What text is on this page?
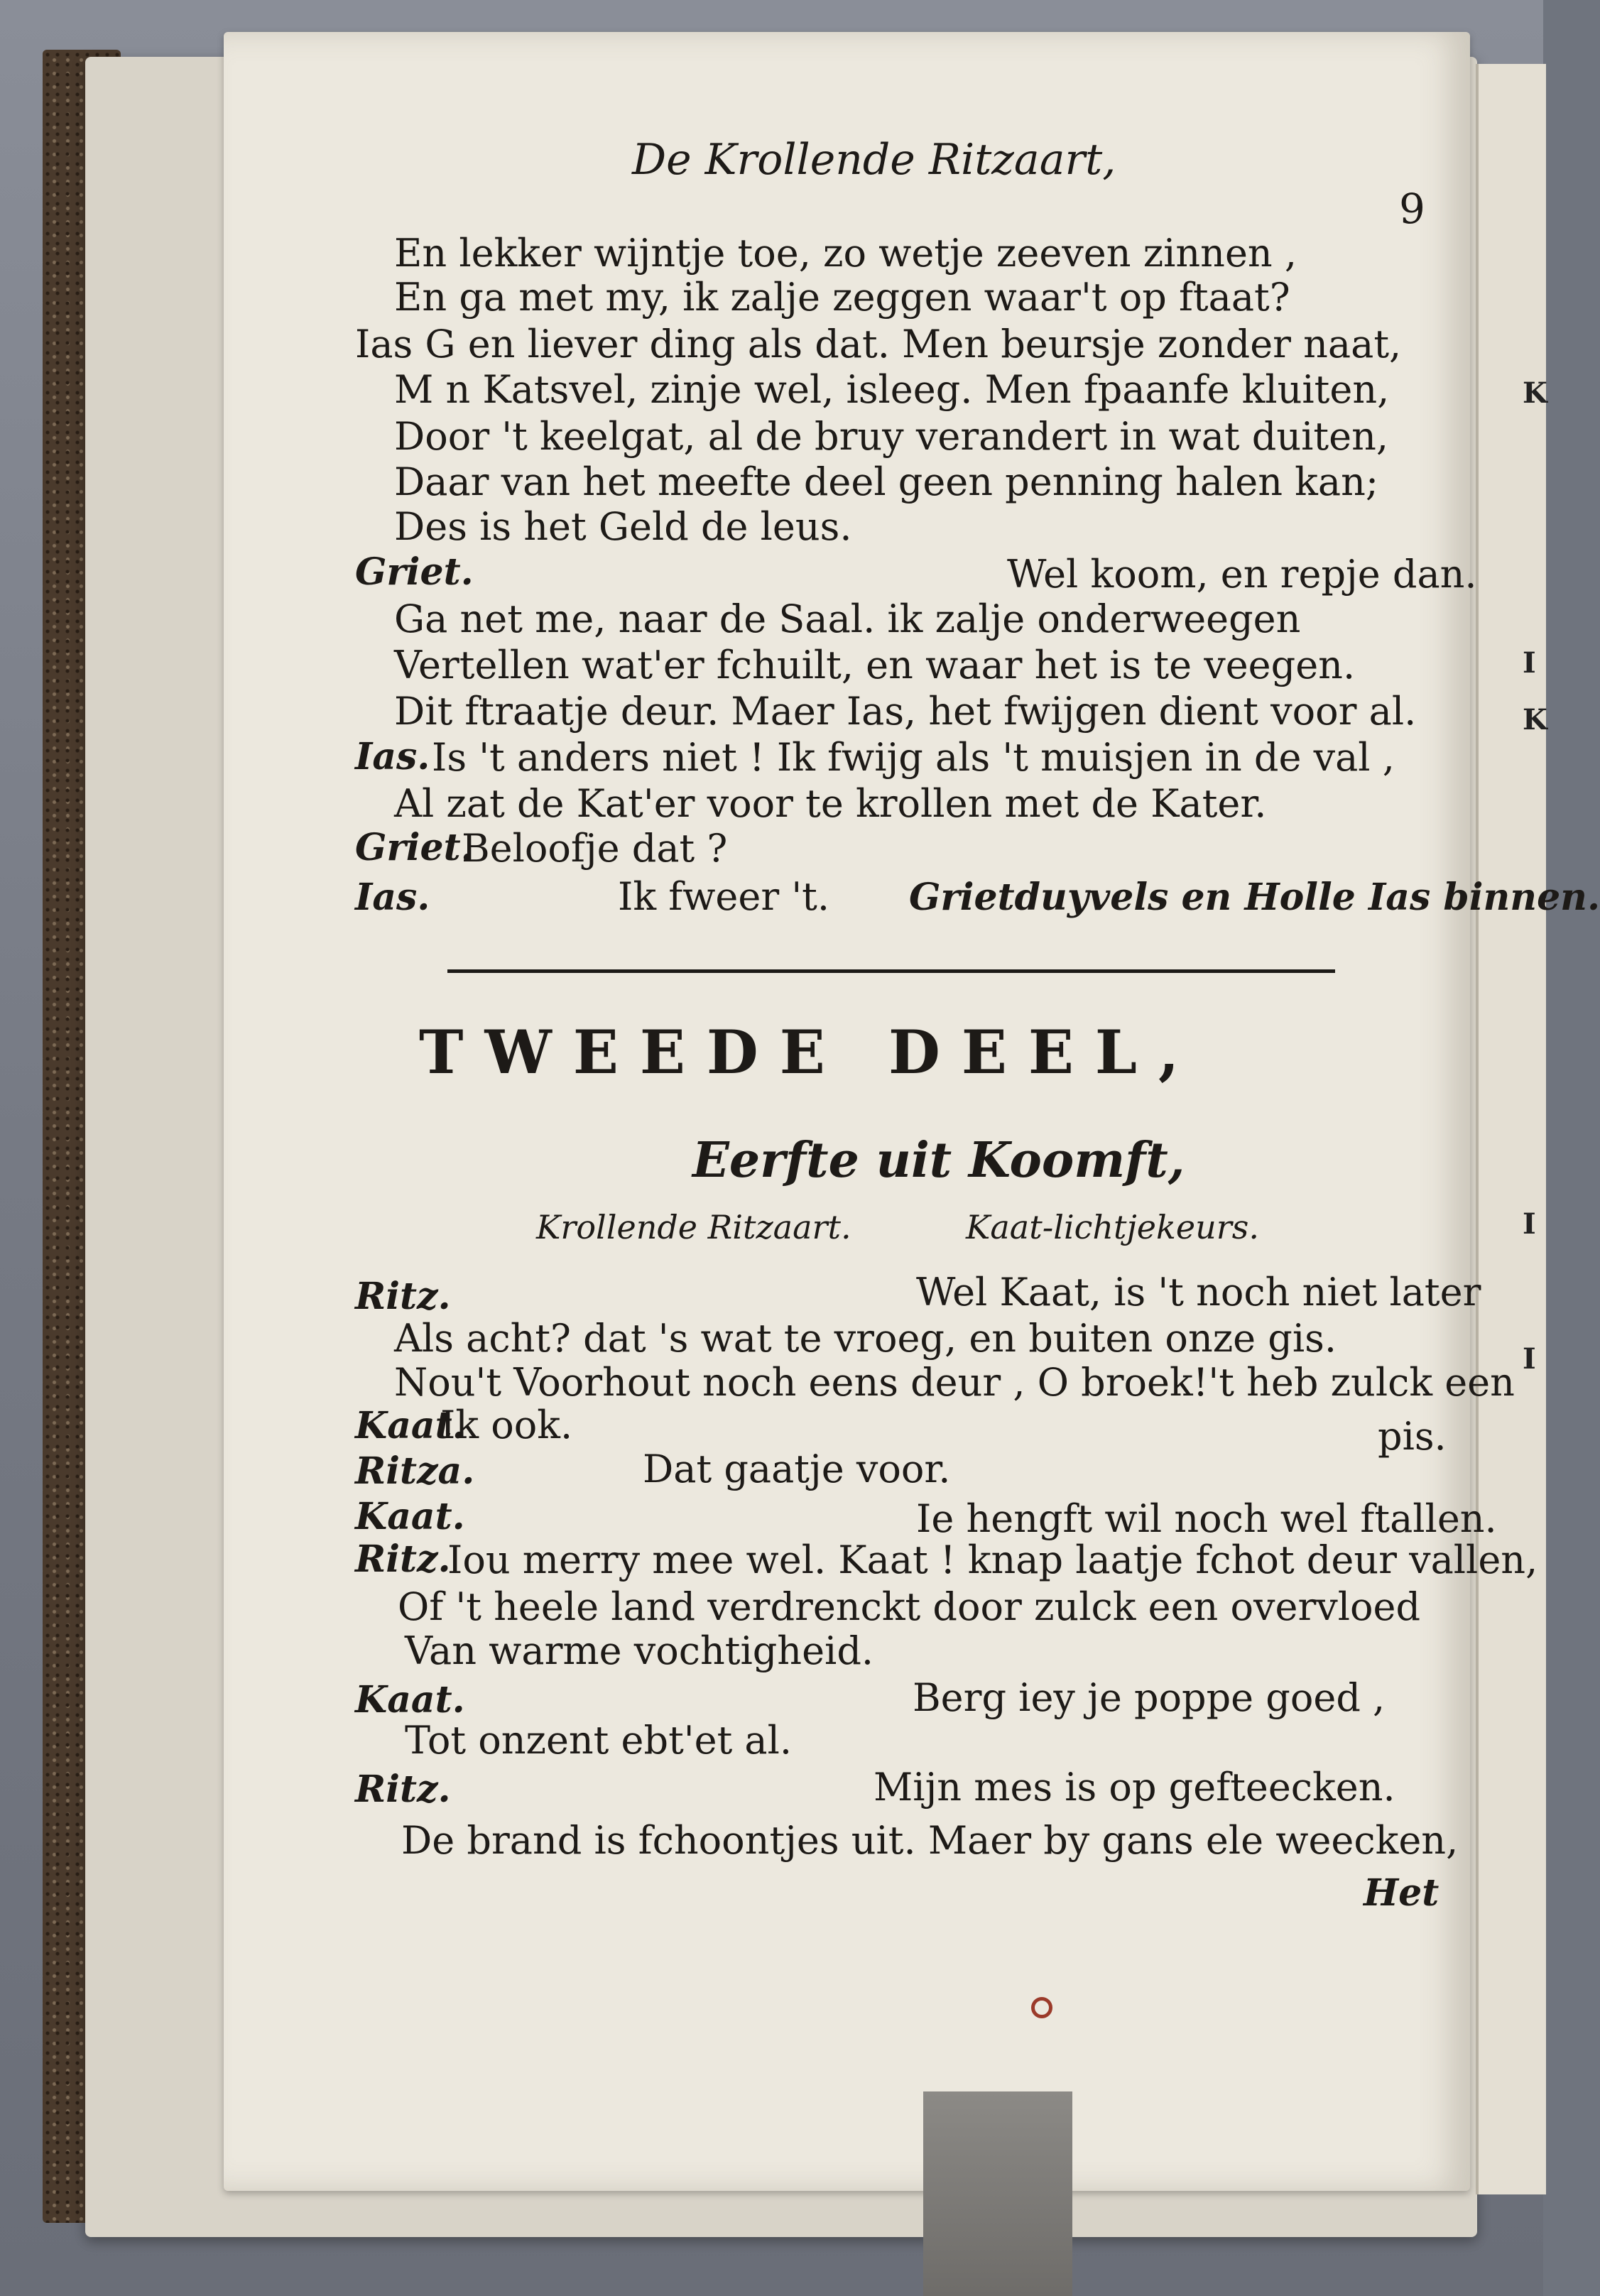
K
I
K
I
I
De Krollende Ritzaart,
9
En lekker wijntje toe, zo wetje zeeven zinnen ,
En ga met my, ik zalje zeggen waar't op ftaat?
Ias G en liever ding als dat. Men beursje zonder naat,
M n Katsvel, zinje wel, isleeg. Men fpaanfe kluiten,
Door 't keelgat, al de bruy verandert in wat duiten,
Daar van het meefte deel geen penning halen kan;
Des is het Geld de leus.
Griet.	Wel koom, en repje dan.
Ga net me, naar de Saal. ik zalje onderweegen
Vertellen wat'er fchuilt, en waar het is te veegen.
Dit ftraatje deur. Maer Ias, het fwijgen dient voor al.
Ias. Is 't anders niet ! Ik fwijg als 't muisjen in de val ,
Al zat de Kat'er voor te krollen met de Kater.
Griet.
Beloofje dat ?
Ias.	Ik fweer 't. Grietduyvels en Holle Ias binnen.
TWEEDE DEEL,
Eerfte uit Koomft,
Krollende Ritzaart.	Kaat-lichtjekeurs.
Ritz.	Wel Kaat, is 't noch niet later
Als acht? dat 's wat te vroeg, en buiten onze gis.
Nou't Voorhout noch eens deur , O broek!'t heb zulck een
Kaat.
Ik ook.	pis.
Ritza.	Dat gaatje voor.
Kaat.	Ie hengft wil noch wel ftallen.
Ritz.
Iou merry mee wel. Kaat ! knap laatje fchot deur vallen,
Of 't heele land verdrenckt door zulck een overvloed
Van warme vochtigheid.
Kaat.	Berg iey je poppe goed ,
Tot onzent ebt'et al.
Ritz.	Mijn mes is op gefteecken.
De brand is fchoontjes uit. Maer by gans ele weecken,
Het
